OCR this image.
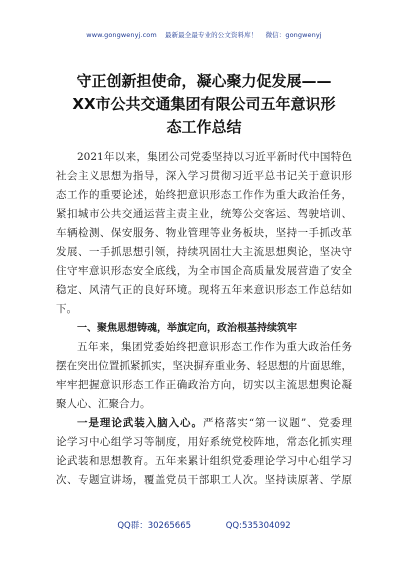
www.gongwenyj.com 最新最全最专业的公文资料库！ 微信：gongwenyj
守正创新担使命，凝心聚力促发展——
XX市公共交通集团有限公司五年意识形
态工作总结
2021年以来，集团公司党委坚持以习近平新时代中国特色
社会主义思想为指导，深入学习贯彻习近平总书记关于意识形
态工作的重要论述，始终把意识形态工作作为重大政治任务，
紧扣城市公共交通运营主责主业，统筹公交客运、驾驶培训、
车辆检测、保安服务、物业管理等业务板块，坚持一手抓改革
发展、一手抓思想引领，持续巩固壮大主流思想舆论，坚决守
住守牢意识形态安全底线，为全市国企高质量发展营造了安全
稳定、风清气正的良好环境。现将五年来意识形态工作总结如
下。
一、聚焦思想铸魂，举旗定向，政治根基持续筑牢
五年来，集团党委始终把意识形态工作作为重大政治任务
摆在突出位置抓紧抓实，坚决摒弃重业务、轻思想的片面思维，
牢牢把握意识形态工作正确政治方向，切实以主流思想舆论凝
聚人心、汇聚合力。
一是理论武装入脑入心。严格落实“第一议题”、党委理
论学习中心组学习等制度，用好系统党校阵地，常态化抓实理
论武装和思想教育。五年来累计组织党委理论学习中心组学习
次、专题宣讲场，覆盖党员干部职工人次。坚持读原著、学原
QQ群：30265665	QQ:535304092
